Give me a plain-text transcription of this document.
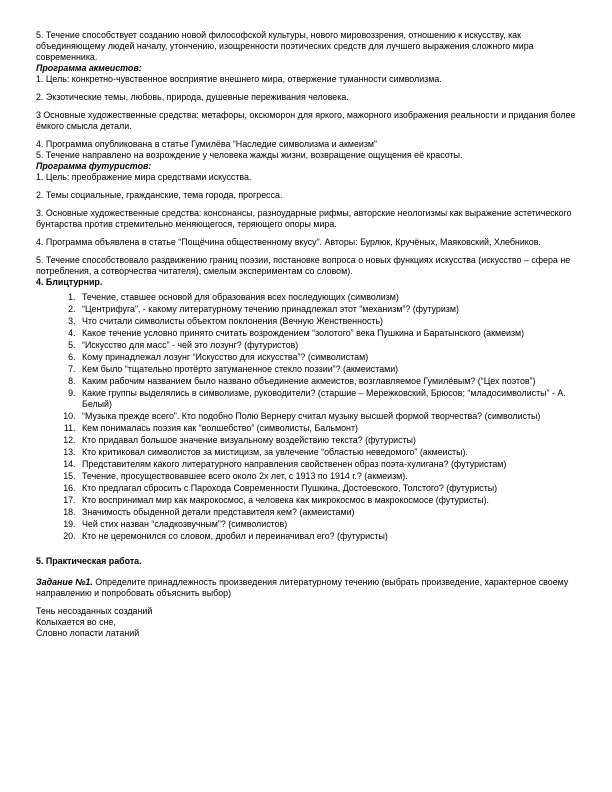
5. Течение способствует созданию новой философской культуры, нового мировоззрения, отношению к искусству, как объединяющему людей началу, утончению, изощренности поэтических средств для лучшего выражения сложного мира современника.

Программа акмеистов:

1. Цель: конкретно-чувственное восприятие внешнего мира, отвержение туманности символизма.

2. Экзотические темы, любовь, природа, душевные переживания человека.

3 Основные художественные средства: метафоры, оксюморон для яркого, мажорного изображения реальности и придания более ёмкого смысла детали.

4. Программа опубликована в статье Гумилёва “Наследие символизма и акмеизм”

5. Течение направлено на возрождение у человека жажды жизни, возвращение ощущения её красоты.

Программа футуристов:

1. Цель: преображение мира средствами искусства.

2. Темы социальные, гражданские, тема города, прогресса.

3. Основные художественные средства: консонансы, разноударные рифмы, авторские неологизмы как выражение эстетического бунтарства против стремительно меняющегося, теряющего опоры мира.

4. Программа объявлена в статье “Пощёчина общественному вкусу”. Авторы: Бурлюк, Кручёных, Маяковский, Хлебников.

5. Течение способствовало раздвижению границ поэзии, постановке вопроса о новых функциях искусства (искусство – сфера не потребления, а сотворчества читателя), смелым экспериментам со словом).

4. Блицтурнир.

1. Течение, ставшее основой для образования всех последующих (символизм)
2. “Центрифуга”, - какому литературному течению принадлежал этот “механизм”? (футуризм)
3. Что считали символисты объектом поклонения (Вечную Женственность)
4. Какое течение условно принято считать возрождением “золотого” века Пушкина и Баратынского (акмеизм)
5. “Искусство для масс” - чей это лозунг? (футуристов)
6. Кому принадлежал лозунг “Искусство для искусства”? (символистам)
7. Кем было “тщательно протёрто затуманенное стекло поэзии”? (акмеистами)
8. Каким рабочим названием было названо объединение акмеистов, возглавляемое Гумилёвым? (“Цех поэтов”)
9. Какие группы выделялись в символизме, руководители? (старшие – Мережковский, Брюсов; “младосимволисты” - А. Белый)
10. “Музыка прежде всего”. Кто подобно Полю Вернеру считал музыку высшей формой творчества? (символисты)
11. Кем понималась поэзия как “волшебство” (символисты, Бальмонт)
12. Кто придавал большое значение визуальному воздействию текста? (футуристы)
13. Кто критиковал символистов за мистицизм, за увлечение “областью неведомого” (акмеисты).
14. Представителям какого литературного направления свойственен образ поэта-хулигана? (футуристам)
15. Течение, просуществовавшее всего около 2х лет, с 1913 по 1914 г.? (акмеизм).
16. Кто предлагал сбросить с Парохода Современности Пушкина, Достоевского, Толстого? (футуристы)
17. Кто воспринимал мир как макрокосмос, а человека как микрокосмос в макрокосмосе (футуристы).
18. Значимость обыденной детали представителя кем? (акмеистами)
19. Чей стих назван “сладкозвучным”? (символистов)
20. Кто не церемонился со словом, дробил и переиначивал его? (футуристы)

5. Практическая работа.

Задание №1. Определите принадлежность произведения литературному течению (выбрать произведение, характерное своему направлению и попробовать объяснить выбор)

Тень несозданных созданий
Колыхается во сне,
Словно лопасти латаний
